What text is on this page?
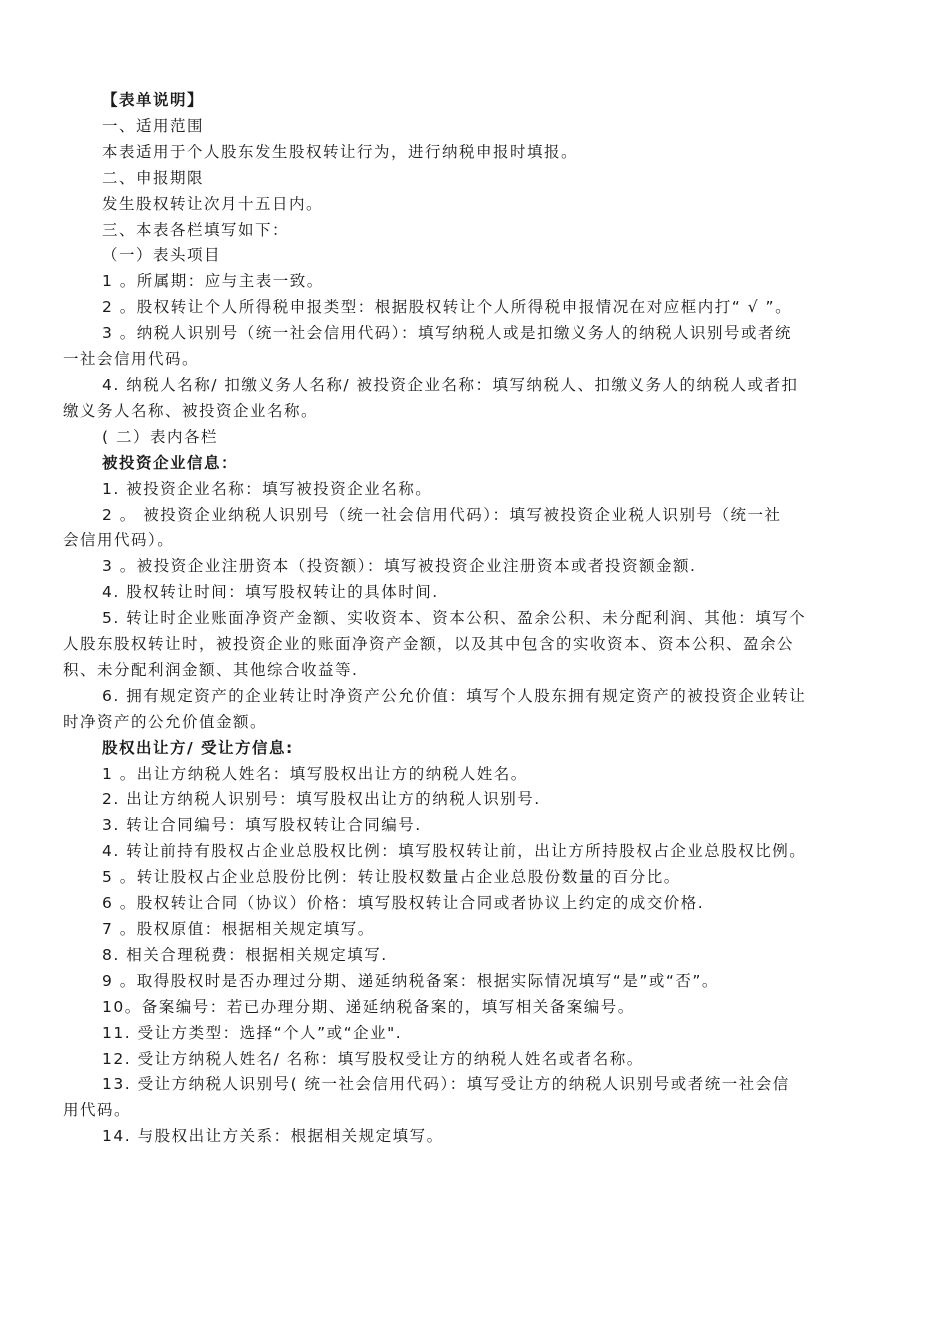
【表单说明】
一、适用范围
本表适用于个人股东发生股权转让行为，进行纳税申报时填报。
二、申报期限
发生股权转让次月十五日内。
三、本表各栏填写如下：
（一）表头项目
1 。所属期：应与主表一致。
2 。股权转让个人所得税申报类型：根据股权转让个人所得税申报情况在对应框内打“ √ ”。
3 。纳税人识别号（统一社会信用代码）：填写纳税人或是扣缴义务人的纳税人识别号或者统
一社会信用代码。
4. 纳税人名称/ 扣缴义务人名称/ 被投资企业名称：填写纳税人、扣缴义务人的纳税人或者扣
缴义务人名称、被投资企业名称。
( 二）表内各栏
被投资企业信息：
1. 被投资企业名称：填写被投资企业名称。
2 。 被投资企业纳税人识别号（统一社会信用代码）：填写被投资企业税人识别号（统一社
会信用代码）。
3 。被投资企业注册资本（投资额）：填写被投资企业注册资本或者投资额金额.
4. 股权转让时间：填写股权转让的具体时间.
5. 转让时企业账面净资产金额、实收资本、资本公积、盈余公积、未分配利润、其他：填写个
人股东股权转让时，被投资企业的账面净资产金额，以及其中包含的实收资本、资本公积、盈余公
积、未分配利润金额、其他综合收益等.
6. 拥有规定资产的企业转让时净资产公允价值：填写个人股东拥有规定资产的被投资企业转让
时净资产的公允价值金额。
股权出让方/ 受让方信息:
1 。出让方纳税人姓名：填写股权出让方的纳税人姓名。
2. 出让方纳税人识别号：填写股权出让方的纳税人识别号.
3. 转让合同编号：填写股权转让合同编号.
4. 转让前持有股权占企业总股权比例：填写股权转让前，出让方所持股权占企业总股权比例。
5 。转让股权占企业总股份比例：转让股权数量占企业总股份数量的百分比。
6 。股权转让合同（协议）价格：填写股权转让合同或者协议上约定的成交价格.
7 。股权原值：根据相关规定填写。
8. 相关合理税费：根据相关规定填写.
9 。取得股权时是否办理过分期、递延纳税备案：根据实际情况填写“是”或“否”。
10。备案编号：若已办理分期、递延纳税备案的，填写相关备案编号。
11. 受让方类型：选择“个人”或“企业".
12. 受让方纳税人姓名/ 名称：填写股权受让方的纳税人姓名或者名称。
13. 受让方纳税人识别号( 统一社会信用代码）：填写受让方的纳税人识别号或者统一社会信
用代码。
14. 与股权出让方关系：根据相关规定填写。
